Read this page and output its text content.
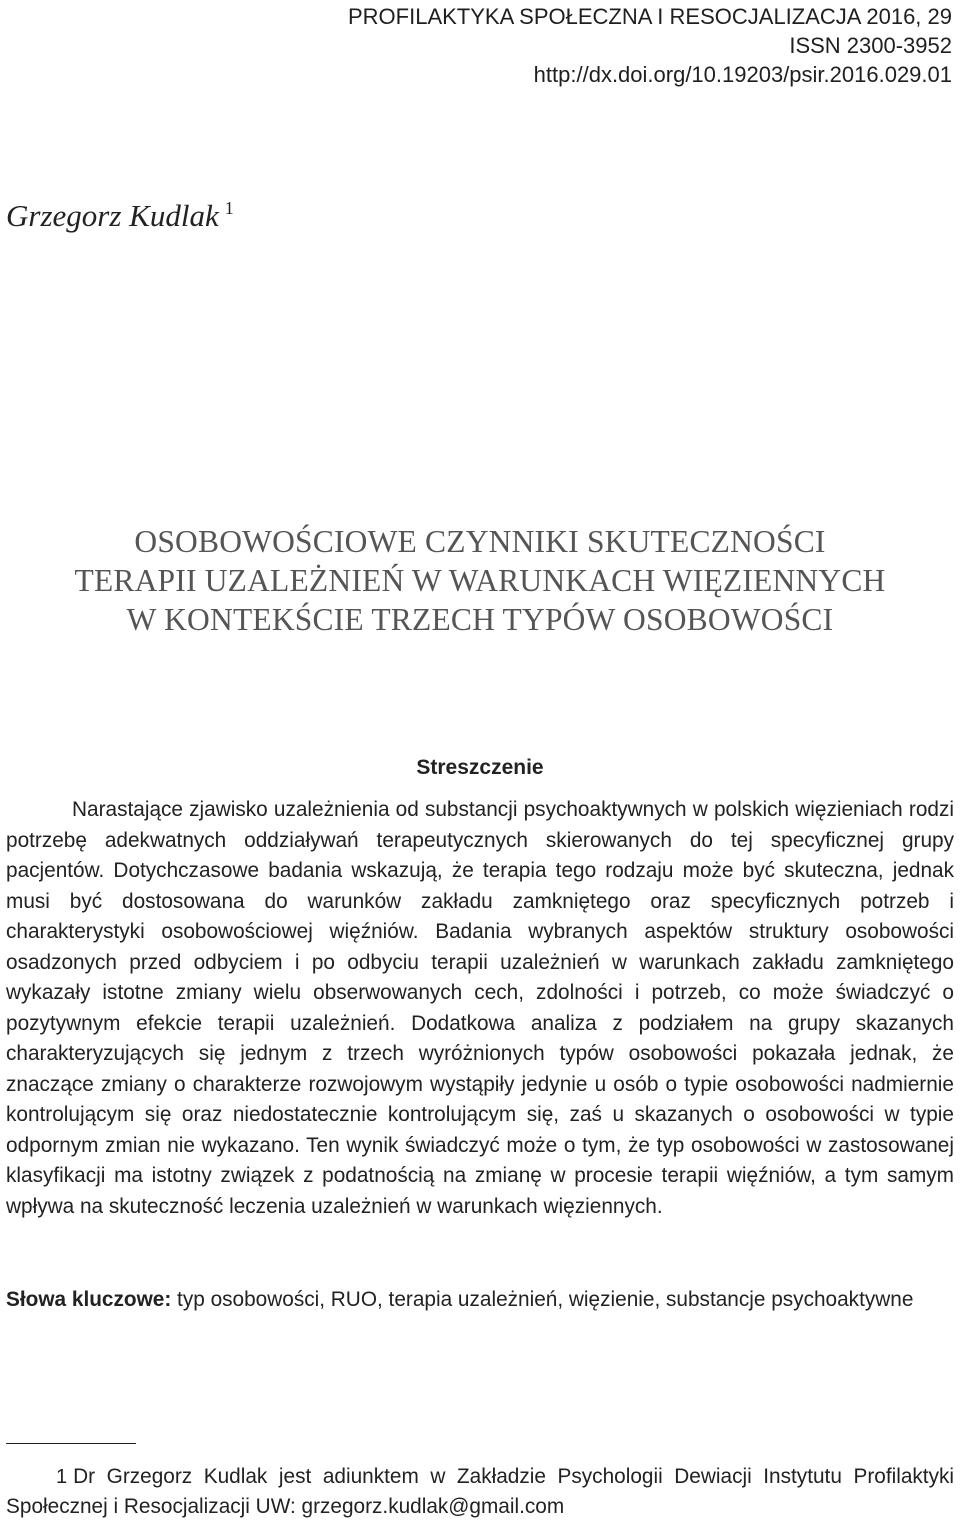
PROFILAKTYKA SPOŁECZNA I RESOCJALIZACJA 2016, 29
ISSN 2300-3952
http://dx.doi.org/10.19203/psir.2016.029.01
Grzegorz Kudlak $^1$
OSOBOWOŚCIOWE CZYNNIKI SKUTECZNOŚCI
TERAPII UZALEŻNIEŃ W WARUNKACH WIĘZIENNYCH
W KONTEKŚCIE TRZECH TYPÓW OSOBOWOŚCI
Streszczenie
Narastające zjawisko uzależnienia od substancji psychoaktywnych w polskich więzieniach rodzi potrzebę adekwatnych oddziaływań terapeutycznych skierowanych do tej specyficznej grupy pacjentów. Dotychczasowe badania wskazują, że terapia tego rodzaju może być skuteczna, jednak musi być dostosowana do warunków zakładu zamkniętego oraz specyficznych potrzeb i charakterystyki osobowościowej więźniów. Badania wybranych aspektów struktury osobowości osadzonych przed odbyciem i po odbyciu terapii uzależnień w warunkach zakładu zamkniętego wykazały istotne zmiany wielu obserwowanych cech, zdolności i potrzeb, co może świadczyć o pozytywnym efekcie terapii uzależnień. Dodatkowa analiza z podziałem na grupy skazanych charakteryzujących się jednym z trzech wyróżnionych typów osobowości pokazała jednak, że znaczące zmiany o charakterze rozwojowym wystąpiły jedynie u osób o typie osobowości nadmiernie kontrolującym się oraz niedostatecznie kontrolującym się, zaś u skazanych o osobowości w typie odpornym zmian nie wykazano. Ten wynik świadczyć może o tym, że typ osobowości w zastosowanej klasyfikacji ma istotny związek z podatnością na zmianę w procesie terapii więźniów, a tym samym wpływa na skuteczność leczenia uzależnień w warunkach więziennych.
Słowa kluczowe: typ osobowości, RUO, terapia uzależnień, więzienie, substancje psychoaktywne
1 Dr Grzegorz Kudlak jest adiunktem w Zakładzie Psychologii Dewiacji Instytutu Profilaktyki Społecznej i Resocjalizacji UW: grzegorz.kudlak@gmail.com
